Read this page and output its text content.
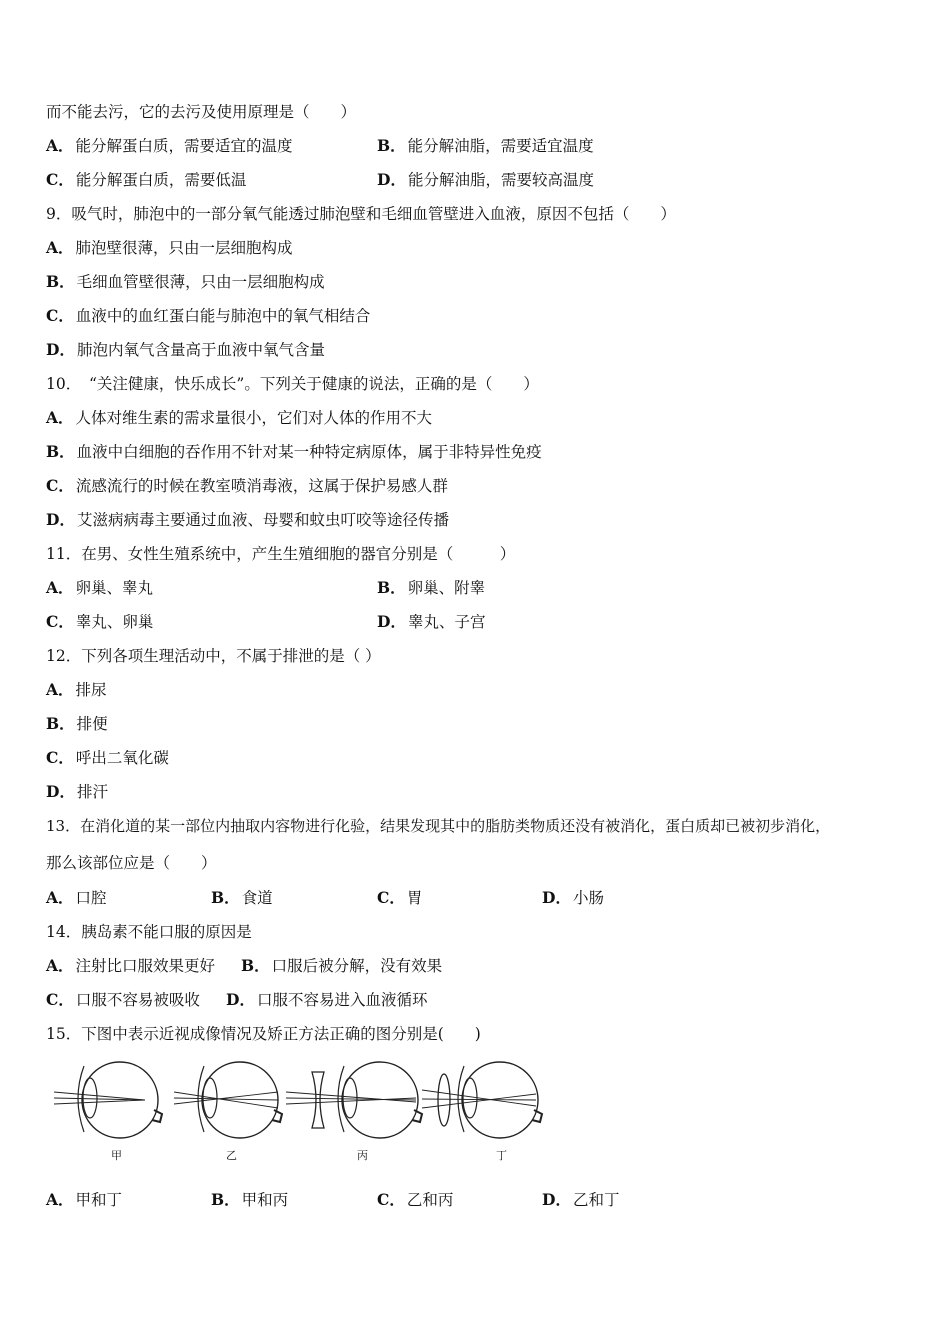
而不能去污，它的去污及使用原理是（　　）
A． 能分解蛋白质，需要适宜的温度	B． 能分解油脂，需要适宜温度
C． 能分解蛋白质，需要低温	D． 能分解油脂，需要较高温度
9．吸气时，肺泡中的一部分氧气能透过肺泡壁和毛细血管壁进入血液，原因不包括（　　）
A． 肺泡壁很薄，只由一层细胞构成
B． 毛细血管壁很薄，只由一层细胞构成
C． 血液中的血红蛋白能与肺泡中的氧气相结合
D． 肺泡内氧气含量高于血液中氧气含量
10．　“关注健康，快乐成长”。下列关于健康的说法，正确的是（　　）
A． 人体对维生素的需求量很小，它们对人体的作用不大
B． 血液中白细胞的吞作用不针对某一种特定病原体，属于非特异性免疫
C． 流感流行的时候在教室喷消毒液，这属于保护易感人群
D． 艾滋病病毒主要通过血液、母婴和蚊虫叮咬等途径传播
11．在男、女性生殖系统中，产生生殖细胞的器官分别是（　　　）
A． 卵巢、睾丸	B． 卵巢、附睾
C． 睾丸、卵巢	D． 睾丸、子宫
12．下列各项生理活动中，不属于排泄的是（ ）
A． 排尿
B． 排便
C． 呼出二氧化碳
D． 排汗
13．在消化道的某一部位内抽取内容物进行化验，结果发现其中的脂肪类物质还没有被消化，蛋白质却已被初步消化，
那么该部位应是（　　）
A． 口腔	B． 食道	C． 胃	D． 小肠
14．胰岛素不能口服的原因是
A． 注射比口服效果更好 B． 口服后被分解，没有效果
C． 口服不容易被吸收 D． 口服不容易进入血液循环
15．下图中表示近视成像情况及矫正方法正确的图分别是(　　)
甲	乙	丙	丁
A． 甲和丁	B． 甲和丙	C． 乙和丙	D． 乙和丁
